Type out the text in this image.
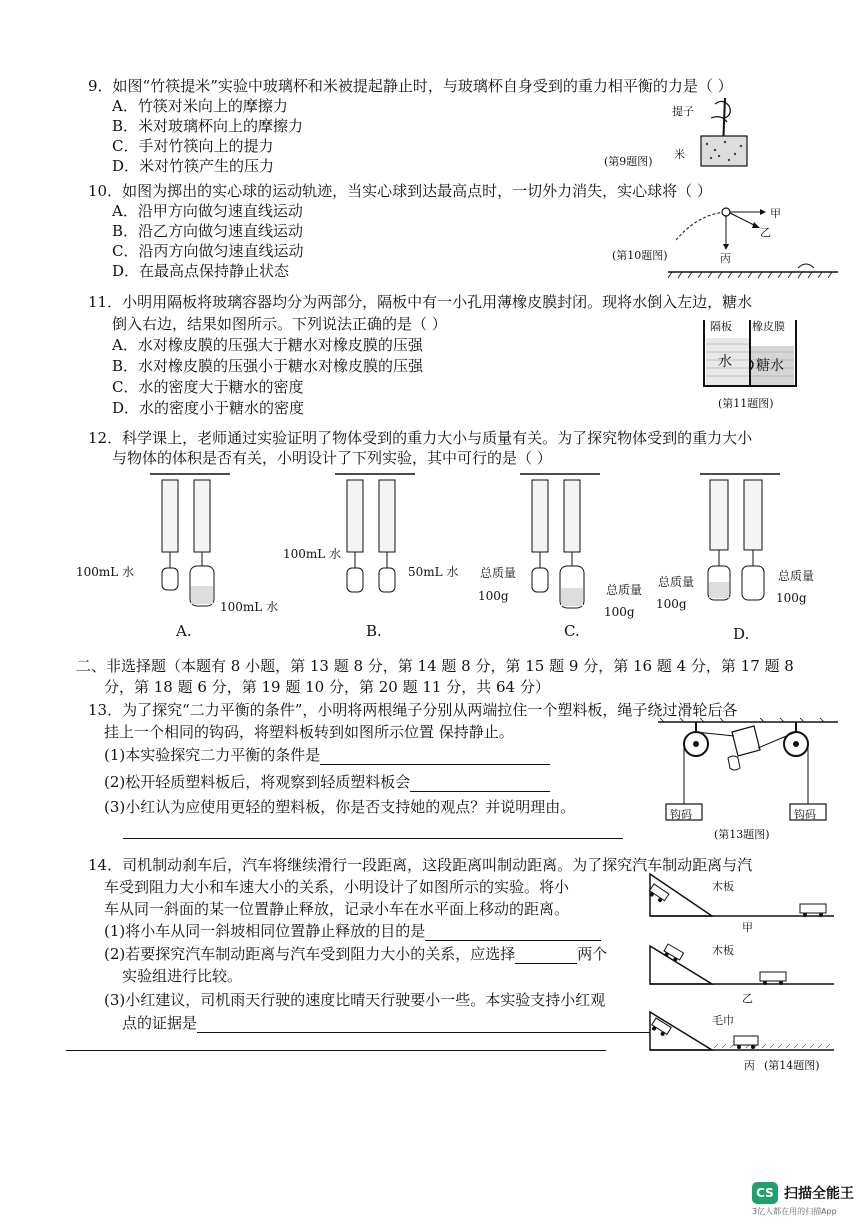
9．如图“竹筷提米”实验中玻璃杯和米被提起静止时，与玻璃杯自身受到的重力相平衡的力是（ ）
A．竹筷对米向上的摩擦力
B．米对玻璃杯向上的摩擦力
C．手对竹筷向上的提力
D．米对竹筷产生的压力
提子
米
(第9题图)
10．如图为掷出的实心球的运动轨迹，当实心球到达最高点时，一切外力消失，实心球将（ ）
A．沿甲方向做匀速直线运动
B．沿乙方向做匀速直线运动
C．沿丙方向做匀速直线运动
D．在最高点保持静止状态
甲
乙
丙
(第10题图)
11．小明用隔板将玻璃容器均分为两部分，隔板中有一小孔用薄橡皮膜封闭。现将水倒入左边，糖水
倒入右边，结果如图所示。下列说法正确的是（ ）
A．水对橡皮膜的压强大于糖水对橡皮膜的压强
B．水对橡皮膜的压强小于糖水对橡皮膜的压强
C．水的密度大于糖水的密度
D．水的密度小于糖水的密度
隔板 橡皮膜
水 糖水
(第11题图)
12．科学课上，老师通过实验证明了物体受到的重力大小与质量有关。为了探究物体受到的重力大小
与物体的体积是否有关，小明设计了下列实验，其中可行的是（ ）
100mL 水
100mL 水
100mL 水
50mL 水 总质量
100g	总质量
100g
总质量
100g
总质量
100g
A.	B.	C.	D.
二、非选择题（本题有 8 小题，第 13 题 8 分，第 14 题 8 分，第 15 题 9 分，第 16 题 4 分，第 17 题 8
分，第 18 题 6 分，第 19 题 10 分，第 20 题 11 分，共 64 分）
13．为了探究“二力平衡的条件”，小明将两根绳子分别从两端拉住一个塑料板，绳子绕过滑轮后各
挂上一个相同的钩码，将塑料板转到如图所示位置 保持静止。
(1)本实验探究二力平衡的条件是
(2)松开轻质塑料板后，将观察到轻质塑料板会
(3)小红认为应使用更轻的塑料板，你是否支持她的观点？并说明理由。	钩码	钩码
(第13题图)
14．司机制动刹车后，汽车将继续滑行一段距离，这段距离叫制动距离。为了探究汽车制动距离与汽
车受到阻力大小和车速大小的关系，小明设计了如图所示的实验。将小
车从同一斜面的某一位置静止释放，记录小车在水平面上移动的距离。
(1)将小车从同一斜坡相同位置静止释放的目的是
(2)若要探究汽车制动距离与汽车受到阻力大小的关系，应选择	两个
实验组进行比较。
(3)小红建议，司机雨天行驶的速度比晴天行驶要小一些。本实验支持小红观
点的证据是
木板
甲
木板
乙
毛巾
丙 (第14题图)
CS 扫描全能王
3亿人都在用的扫描App
